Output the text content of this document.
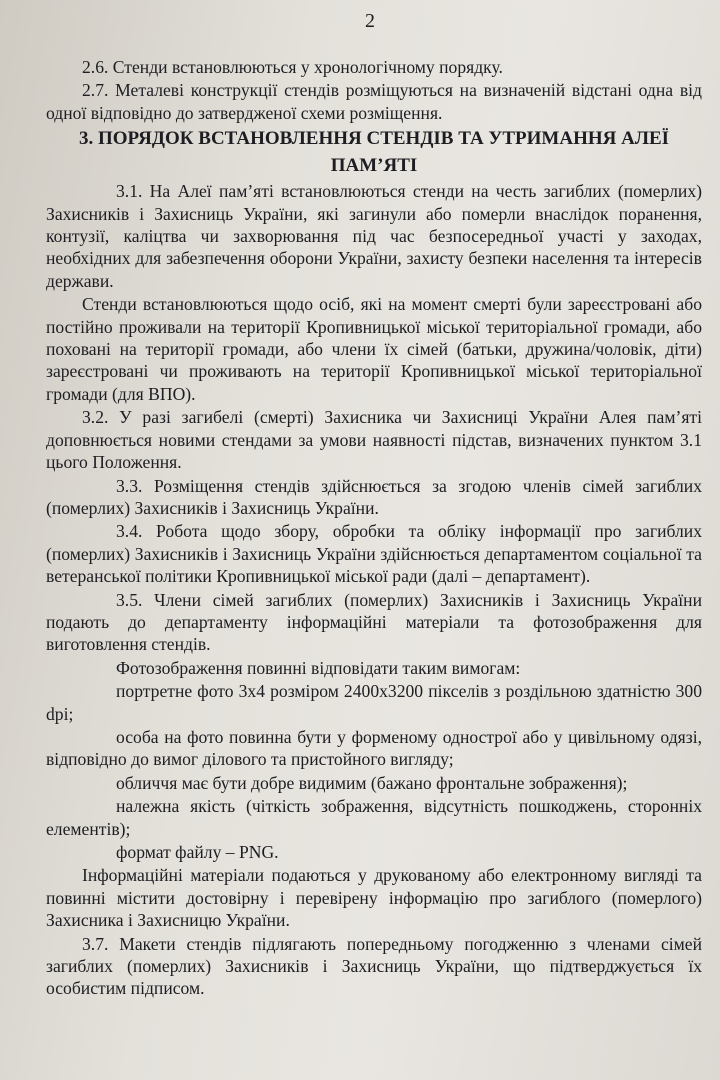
2

2.6. Стенди встановлюються у хронологічному порядку.

2.7. Металеві конструкції стендів розміщуються на визначеній відстані одна від одної відповідно до затвердженої схеми розміщення.

3. ПОРЯДОК ВСТАНОВЛЕННЯ СТЕНДІВ ТА УТРИМАННЯ АЛЕЇ ПАМ’ЯТІ

3.1. На Алеї пам’яті встановлюються стенди на честь загиблих (померлих) Захисників і Захисниць України, які загинули або померли внаслідок поранення, контузії, каліцтва чи захворювання під час безпосередньої участі у заходах, необхідних для забезпечення оборони України, захисту безпеки населення та інтересів держави.

Стенди встановлюються щодо осіб, які на момент смерті були зареєстровані або постійно проживали на території Кропивницької міської територіальної громади, або поховані на території громади, або члени їх сімей (батьки, дружина/чоловік, діти) зареєстровані чи проживають на території Кропивницької міської територіальної громади (для ВПО).

3.2. У разі загибелі (смерті) Захисника чи Захисниці України Алея пам’яті доповнюється новими стендами за умови наявності підстав, визначених пунктом 3.1 цього Положення.

3.3. Розміщення стендів здійснюється за згодою членів сімей загиблих (померлих) Захисників і Захисниць України.

3.4. Робота щодо збору, обробки та обліку інформації про загиблих (померлих) Захисників і Захисниць України здійснюється департаментом соціальної та ветеранської політики Кропивницької міської ради (далі – департамент).

3.5. Члени сімей загиблих (померлих) Захисників і Захисниць України подають до департаменту інформаційні матеріали та фотозображення для виготовлення стендів.

Фотозображення повинні відповідати таким вимогам:

портретне фото 3х4 розміром 2400х3200 пікселів з роздільною здатністю 300 dpi;

особа на фото повинна бути у форменому однострої або у цивільному одязі, відповідно до вимог ділового та пристойного вигляду;

обличчя має бути добре видимим (бажано фронтальне зображення);

належна якість (чіткість зображення, відсутність пошкоджень, сторонніх елементів);

формат файлу – PNG.

Інформаційні матеріали подаються у друкованому або електронному вигляді та повинні містити достовірну і перевірену інформацію про загиблого (померлого) Захисника і Захисницю України.

3.7. Макети стендів підлягають попередньому погодженню з членами сімей загиблих (померлих) Захисників і Захисниць України, що підтверджується їх особистим підписом.
